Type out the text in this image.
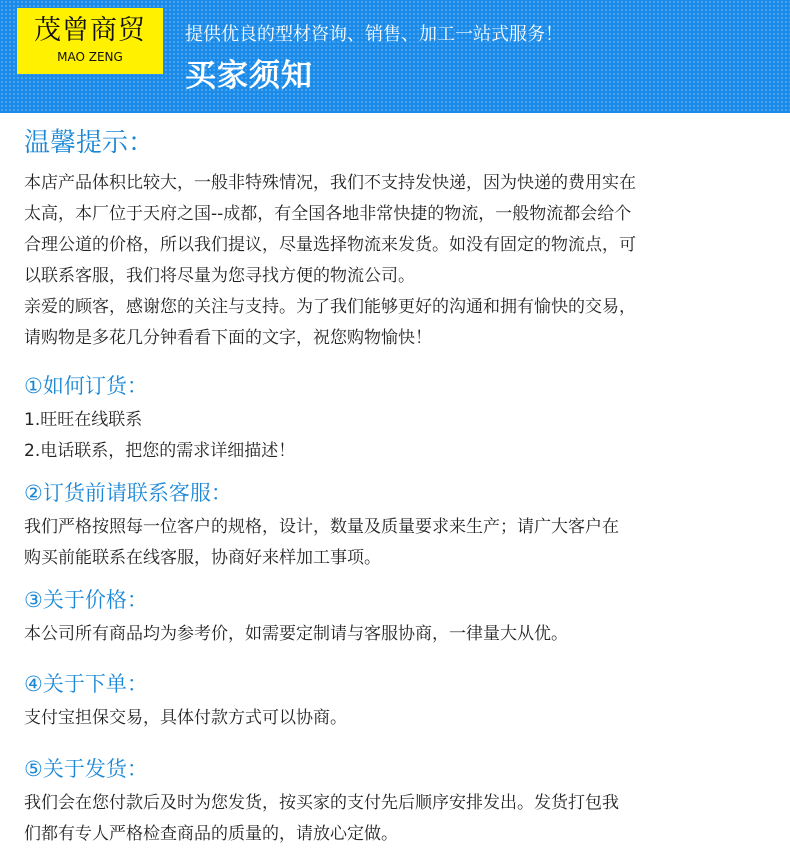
茂曾商贸
MAO ZENG
提供优良的型材咨询、销售、加工一站式服务！
买家须知
温馨提示：
本店产品体积比较大，一般非特殊情况，我们不支持发快递，因为快递的费用实在
太高，本厂位于天府之国--成都，有全国各地非常快捷的物流，一般物流都会给个
合理公道的价格，所以我们提议，尽量选择物流来发货。如没有固定的物流点，可
以联系客服，我们将尽量为您寻找方便的物流公司。
亲爱的顾客，感谢您的关注与支持。为了我们能够更好的沟通和拥有愉快的交易，
请购物是多花几分钟看看下面的文字，祝您购物愉快！
①如何订货：
1.旺旺在线联系
2.电话联系，把您的需求详细描述！
②订货前请联系客服：
我们严格按照每一位客户的规格，设计，数量及质量要求来生产；请广大客户在
购买前能联系在线客服，协商好来样加工事项。
③关于价格：
本公司所有商品均为参考价，如需要定制请与客服协商，一律量大从优。
④关于下单：
支付宝担保交易，具体付款方式可以协商。
⑤关于发货：
我们会在您付款后及时为您发货，按买家的支付先后顺序安排发出。发货打包我
们都有专人严格检查商品的质量的，请放心定做。
